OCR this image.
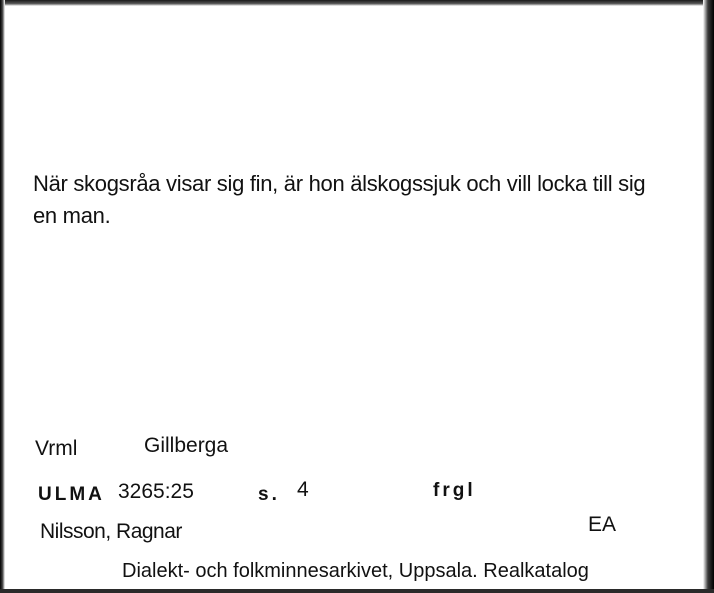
När skogsråa visar sig fin, är hon älskogssjuk och vill locka till sig
en man.
Vrml	Gillberga
ULMA 3265:25	s. 4	frgl
Nilsson, Ragnar	EA
Dialekt- och folkminnesarkivet, Uppsala. Realkatalog
